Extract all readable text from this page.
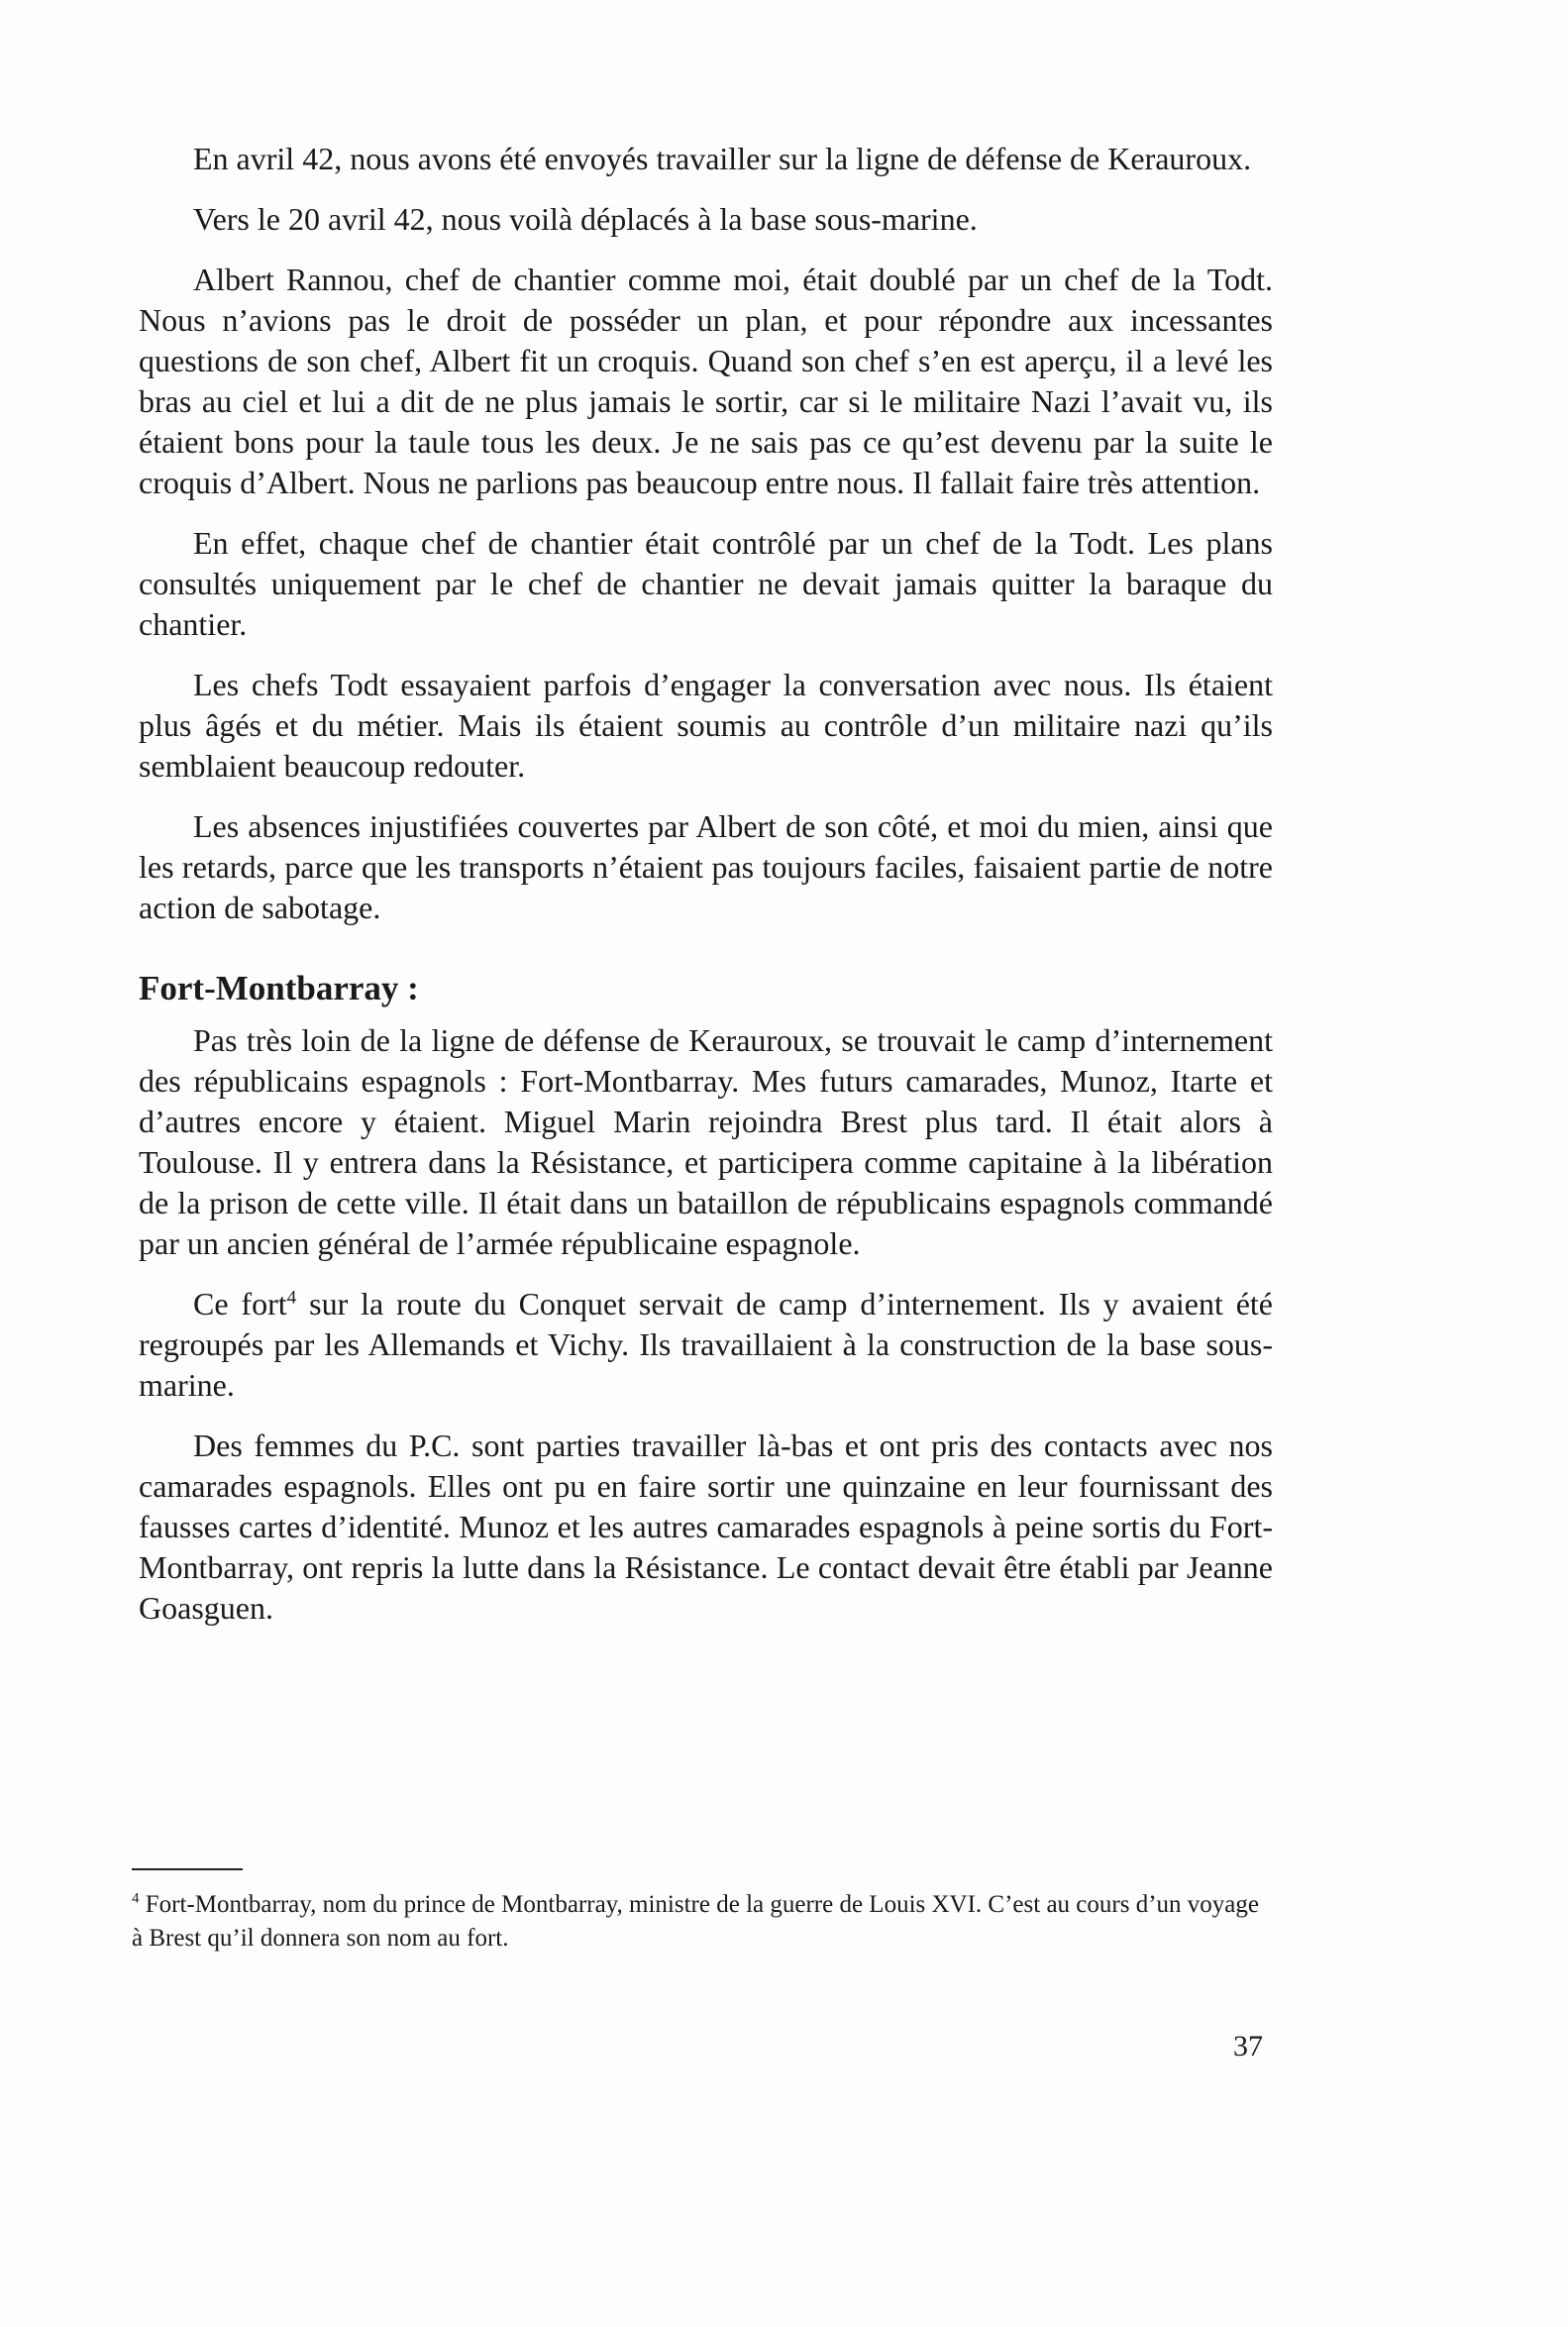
En avril 42, nous avons été envoyés travailler sur la ligne de défense de Kerauroux.

Vers le 20 avril 42, nous voilà déplacés à la base sous-marine.

Albert Rannou, chef de chantier comme moi, était doublé par un chef de la Todt. Nous n’avions pas le droit de posséder un plan, et pour répondre aux incessantes questions de son chef, Albert fit un croquis. Quand son chef s’en est aperçu, il a levé les bras au ciel et lui a dit de ne plus jamais le sortir, car si le militaire Nazi l’avait vu, ils étaient bons pour la taule tous les deux. Je ne sais pas ce qu’est devenu par la suite le croquis d’Albert. Nous ne parlions pas beaucoup entre nous. Il fallait faire très attention.

En effet, chaque chef de chantier était contrôlé par un chef de la Todt. Les plans consultés uniquement par le chef de chantier ne devait jamais quitter la baraque du chantier.

Les chefs Todt essayaient parfois d’engager la conversation avec nous. Ils étaient plus âgés et du métier. Mais ils étaient soumis au contrôle d’un militaire nazi qu’ils semblaient beaucoup redouter.

Les absences injustifiées couvertes par Albert de son côté, et moi du mien, ainsi que les retards, parce que les transports n’étaient pas toujours faciles, faisaient partie de notre action de sabotage.

Fort-Montbarray :

Pas très loin de la ligne de défense de Kerauroux, se trouvait le camp d’internement des républicains espagnols : Fort-Montbarray. Mes futurs camarades, Munoz, Itarte et d’autres encore y étaient. Miguel Marin rejoindra Brest plus tard. Il était alors à Toulouse. Il y entrera dans la Résistance, et participera comme capitaine à la libération de la prison de cette ville. Il était dans un bataillon de républicains espagnols commandé par un ancien général de l’armée républicaine espagnole.

Ce fort$^4$ sur la route du Conquet servait de camp d’internement. Ils y avaient été regroupés par les Allemands et Vichy. Ils travaillaient à la construction de la base sous-marine.

Des femmes du P.C. sont parties travailler là-bas et ont pris des contacts avec nos camarades espagnols. Elles ont pu en faire sortir une quinzaine en leur fournissant des fausses cartes d’identité. Munoz et les autres camarades espagnols à peine sortis du Fort-Montbarray, ont repris la lutte dans la Résistance. Le contact devait être établi par Jeanne Goasguen.

$^4$ Fort-Montbarray, nom du prince de Montbarray, ministre de la guerre de Louis XVI. C’est au cours d’un voyage à Brest qu’il donnera son nom au fort.
37
